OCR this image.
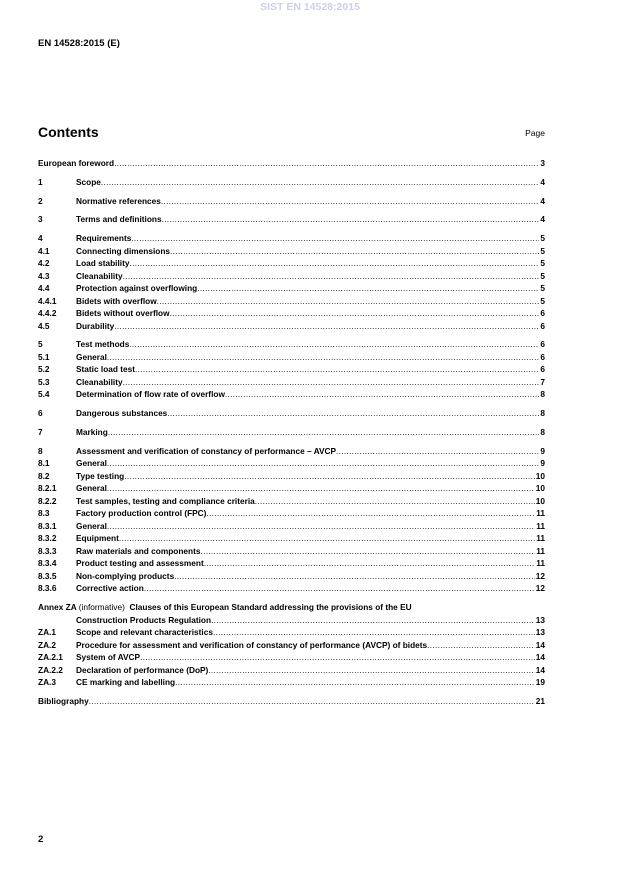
SIST EN 14528:2015
EN 14528:2015 (E)
Contents	Page
European foreword .....	3
1	Scope .....	4
2	Normative references .....	4
3	Terms and definitions .....	4
4	Requirements .....	5
4.1	Connecting dimensions .....	5
4.2	Load stability .....	5
4.3	Cleanability .....	5
4.4	Protection against overflowing .....	5
4.4.1	Bidets with overflow .....	5
4.4.2	Bidets without overflow .....	6
4.5	Durability .....	6
5	Test methods .....	6
5.1	General .....	6
5.2	Static load test .....	6
5.3	Cleanability .....	7
5.4	Determination of flow rate of overflow .....	8
6	Dangerous substances .....	8
7	Marking .....	8
8	Assessment and verification of constancy of performance – AVCP .....	9
8.1	General .....	9
8.2	Type testing .....	10
8.2.1	General .....	10
8.2.2	Test samples, testing and compliance criteria .....	10
8.3	Factory production control (FPC) .....	11
8.3.1	General .....	11
8.3.2	Equipment .....	11
8.3.3	Raw materials and components .....	11
8.3.4	Product testing and assessment .....	11
8.3.5	Non-complying products .....	12
8.3.6	Corrective action .....	12
Annex ZA (informative) Clauses of this European Standard addressing the provisions of the EU
Construction Products Regulation .....	13
ZA.1	Scope and relevant characteristics .....	13
ZA.2	Procedure for assessment and verification of constancy of performance (AVCP) of bidets .....	14
ZA.2.1	System of AVCP .....	14
ZA.2.2	Declaration of performance (DoP) .....	14
ZA.3	CE marking and labelling .....	19
Bibliography .....	21
2
